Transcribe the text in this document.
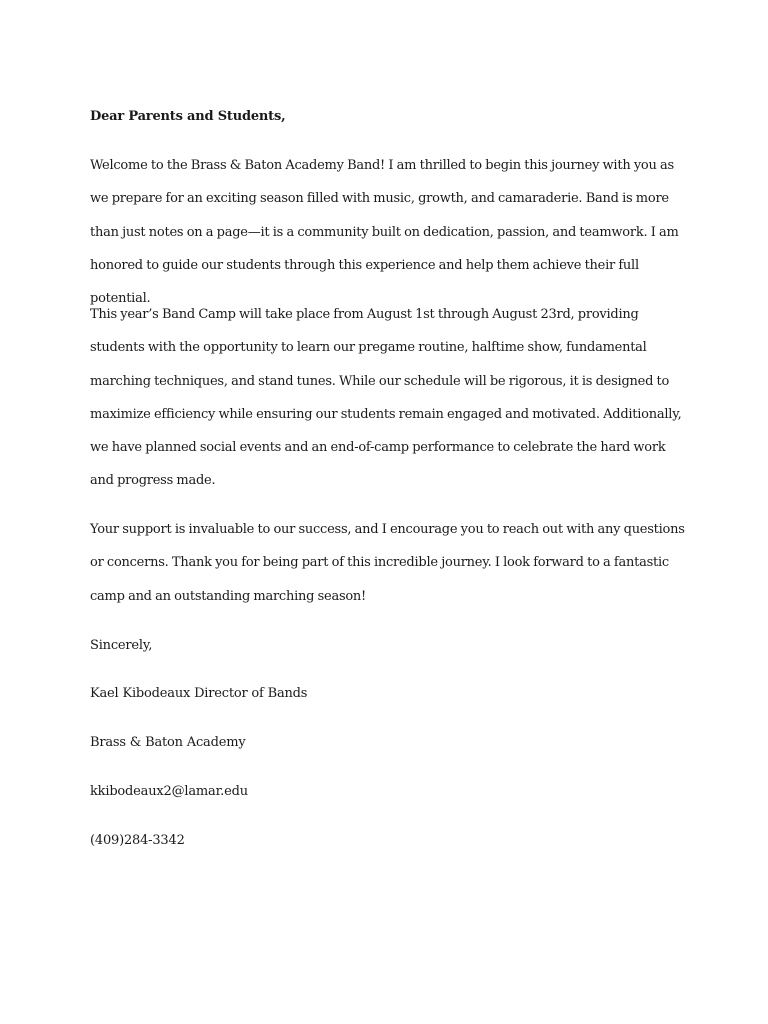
Dear Parents and Students,
Welcome to the Brass & Baton Academy Band! I am thrilled to begin this journey with you as we prepare for an exciting season filled with music, growth, and camaraderie. Band is more than just notes on a page—it is a community built on dedication, passion, and teamwork. I am honored to guide our students through this experience and help them achieve their full potential.
This year’s Band Camp will take place from August 1st through August 23rd, providing students with the opportunity to learn our pregame routine, halftime show, fundamental marching techniques, and stand tunes. While our schedule will be rigorous, it is designed to maximize efficiency while ensuring our students remain engaged and motivated. Additionally, we have planned social events and an end-of-camp performance to celebrate the hard work and progress made.
Your support is invaluable to our success, and I encourage you to reach out with any questions or concerns. Thank you for being part of this incredible journey. I look forward to a fantastic camp and an outstanding marching season!
Sincerely,
Kael Kibodeaux Director of Bands
Brass & Baton Academy
kkibodeaux2@lamar.edu
(409)284-3342
